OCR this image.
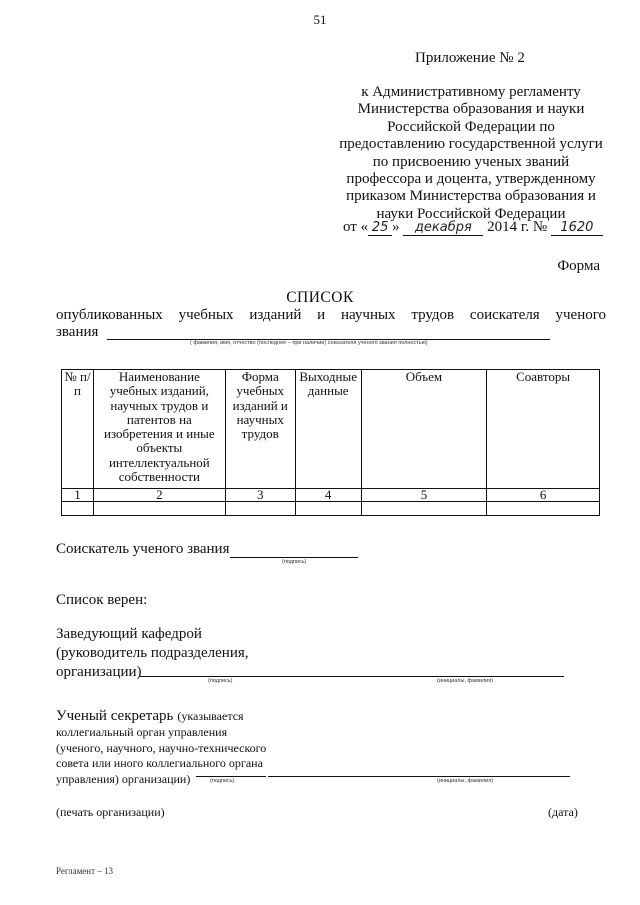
51
Приложение № 2
к Административному регламенту
Министерства образования и науки
Российской Федерации по
предоставлению государственной услуги
по присвоению ученых званий
профессора и доцента, утвержденному
приказом Министерства образования и
науки Российской Федерации
от « 25 » декабря 2014 г. № 1620
Форма
СПИСОК
опубликованных учебных изданий и научных трудов соискателя ученого
звания
( фамилия, имя, отчество (последнее – при наличии) соискателя ученого звания полностью)
№ п/п	Наименование учебных изданий, научных трудов и патентов на изобретения и иные объекты интеллектуальной собственности	Форма учебных изданий и научных трудов	Выходные данные	Объем	Соавторы
1	2	3	4	5	6

Соискатель ученого звания
(подпись)
Список верен:
Заведующий кафедрой
(руководитель подразделения,
организации)
(подпись)	(инициалы, фамилия)
Ученый секретарь (указывается
коллегиальный орган управления
(ученого, научного, научно-технического
совета или иного коллегиального органа
управления) организации)	(подпись)	(инициалы, фамилия)
(печать организации)	(дата)
Регламент – 13
